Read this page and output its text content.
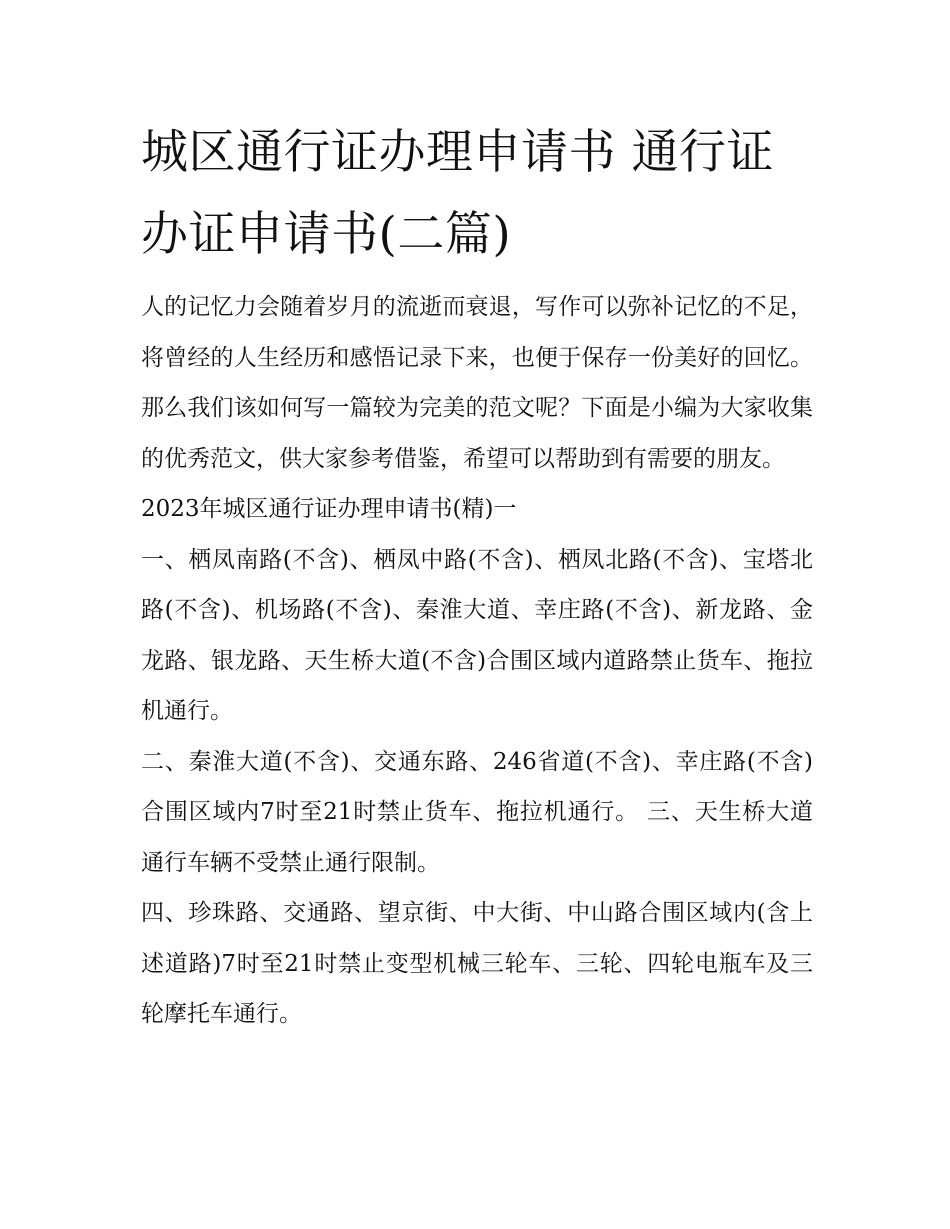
城区通行证办理申请书 通行证办证申请书(二篇)

人的记忆力会随着岁月的流逝而衰退，写作可以弥补记忆的不足，将曾经的人生经历和感悟记录下来，也便于保存一份美好的回忆。那么我们该如何写一篇较为完美的范文呢？下面是小编为大家收集的优秀范文，供大家参考借鉴，希望可以帮助到有需要的朋友。

2023年城区通行证办理申请书(精)一

一、栖凤南路(不含)、栖凤中路(不含)、栖凤北路(不含)、宝塔北路(不含)、机场路(不含)、秦淮大道、幸庄路(不含)、新龙路、金龙路、银龙路、天生桥大道(不含)合围区域内道路禁止货车、拖拉机通行。

二、秦淮大道(不含)、交通东路、246省道(不含)、幸庄路(不含)合围区域内7时至21时禁止货车、拖拉机通行。 三、天生桥大道通行车辆不受禁止通行限制。

四、珍珠路、交通路、望京街、中大街、中山路合围区域内(含上述道路)7时至21时禁止变型机械三轮车、三轮、四轮电瓶车及三轮摩托车通行。
